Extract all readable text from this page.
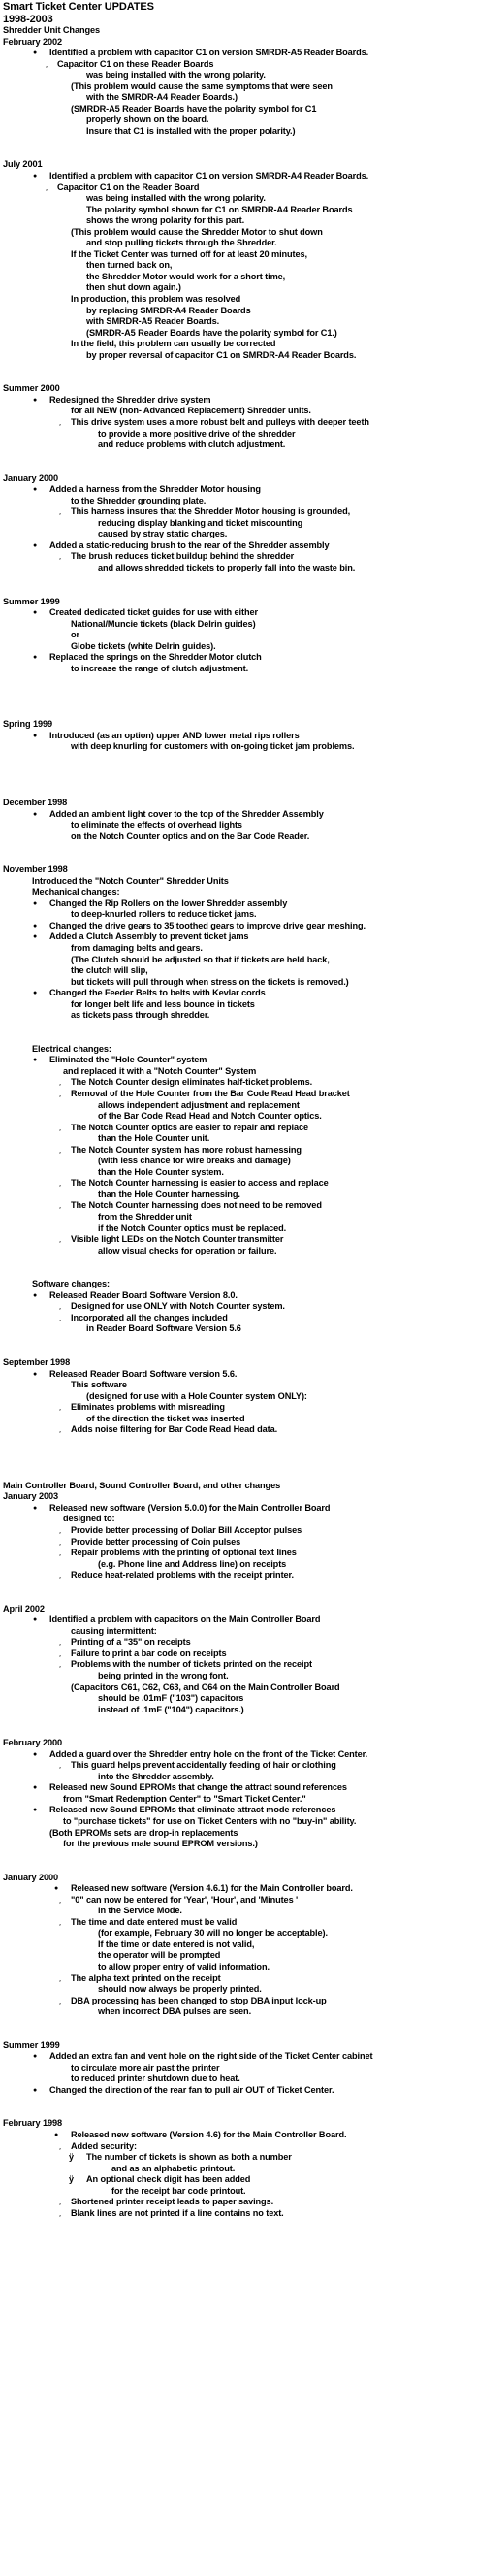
Smart Ticket Center UPDATES
1998-2003
Shredder Unit Changes
February 2002
● Identified a problem with capacitor C1 on version SMRDR-A5 Reader Boards.
¸ Capacitor C1 on these Reader Boards
was being installed with the wrong polarity.
(This problem would cause the same symptoms that were seen
with the SMRDR-A4 Reader Boards.)
(SMRDR-A5 Reader Boards have the polarity symbol for C1
properly shown on the board.
Insure that C1 is installed with the proper polarity.)
July 2001
● Identified a problem with capacitor C1 on version SMRDR-A4 Reader Boards.
¸ Capacitor C1 on the Reader Board
was being installed with the wrong polarity.
The polarity symbol shown for C1 on SMRDR-A4 Reader Boards
shows the wrong polarity for this part.
(This problem would cause the Shredder Motor to shut down
and stop pulling tickets through the Shredder.
If the Ticket Center was turned off for at least 20 minutes,
then turned back on,
the Shredder Motor would work for a short time,
then shut down again.)
In production, this problem was resolved
by replacing SMRDR-A4 Reader Boards
with SMRDR-A5 Reader Boards.
(SMRDR-A5 Reader Boards have the polarity symbol for C1.)
In the field, this problem can usually be corrected
by proper reversal of capacitor C1 on SMRDR-A4 Reader Boards.
Summer 2000
● Redesigned the Shredder drive system
for all NEW (non- Advanced Replacement) Shredder units.
¸ This drive system uses a more robust belt and pulleys with deeper teeth
to provide a more positive drive of the shredder
and reduce problems with clutch adjustment.
January 2000
● Added a harness from the Shredder Motor housing
to the Shredder grounding plate.
¸ This harness insures that the Shredder Motor housing is grounded,
reducing display blanking and ticket miscounting
caused by stray static charges.
● Added a static-reducing brush to the rear of the Shredder assembly
¸ The brush reduces ticket buildup behind the shredder
and allows shredded tickets to properly fall into the waste bin.
Summer 1999
● Created dedicated ticket guides for use with either
National/Muncie tickets (black Delrin guides)
or
Globe tickets (white Delrin guides).
● Replaced the springs on the Shredder Motor clutch
to increase the range of clutch adjustment.
Spring 1999
● Introduced (as an option) upper AND lower metal rips rollers
with deep knurling for customers with on-going ticket jam problems.
December 1998
● Added an ambient light cover to the top of the Shredder Assembly
to eliminate the effects of overhead lights
on the Notch Counter optics and on the Bar Code Reader.
November 1998
Introduced the "Notch Counter" Shredder Units
Mechanical changes:
● Changed the Rip Rollers on the lower Shredder assembly
to deep-knurled rollers to reduce ticket jams.
● Changed the drive gears to 35 toothed gears to improve drive gear meshing.
● Added a Clutch Assembly to prevent ticket jams
from damaging belts and gears.
(The Clutch should be adjusted so that if tickets are held back,
the clutch will slip,
but tickets will pull through when stress on the tickets is removed.)
● Changed the Feeder Belts to belts with Kevlar cords
for longer belt life and less bounce in tickets
as tickets pass through shredder.
Electrical changes:
● Eliminated the "Hole Counter" system
and replaced it with a "Notch Counter" System
¸ The Notch Counter design eliminates half-ticket problems.
¸ Removal of the Hole Counter from the Bar Code Read Head bracket
allows independent adjustment and replacement
of the Bar Code Read Head and Notch Counter optics.
¸ The Notch Counter optics are easier to repair and replace
than the Hole Counter unit.
¸ The Notch Counter system has more robust harnessing
(with less chance for wire breaks and damage)
than the Hole Counter system.
¸ The Notch Counter harnessing is easier to access and replace
than the Hole Counter harnessing.
¸ The Notch Counter harnessing does not need to be removed
from the Shredder unit
if the Notch Counter optics must be replaced.
¸ Visible light LEDs on the Notch Counter transmitter
allow visual checks for operation or failure.
Software changes:
● Released Reader Board Software Version 8.0.
¸ Designed for use ONLY with Notch Counter system.
¸ Incorporated all the changes included
in Reader Board Software Version 5.6
September 1998
● Released Reader Board Software version 5.6.
This software
(designed for use with a Hole Counter system ONLY):
¸ Eliminates problems with misreading
of the direction the ticket was inserted
¸ Adds noise filtering for Bar Code Read Head data.
Main Controller Board, Sound Controller Board, and other changes
January 2003
● Released new software (Version 5.0.0) for the Main Controller Board
designed to:
¸ Provide better processing of Dollar Bill Acceptor pulses
¸ Provide better processing of Coin pulses
¸ Repair problems with the printing of optional text lines
(e.g. Phone line and Address line) on receipts
¸ Reduce heat-related problems with the receipt printer.
April 2002
● Identified a problem with capacitors on the Main Controller Board
causing intermittent:
¸ Printing of a "35" on receipts
¸ Failure to print a bar code on receipts
¸ Problems with the number of tickets printed on the receipt
being printed in the wrong font.
(Capacitors C61, C62, C63, and C64 on the Main Controller Board
should be .01mF ("103") capacitors
instead of .1mF ("104") capacitors.)
February 2000
● Added a guard over the Shredder entry hole on the front of the Ticket Center.
¸ This guard helps prevent accidentally feeding of hair or clothing
into the Shredder assembly.
● Released new Sound EPROMs that change the attract sound references
from "Smart Redemption Center" to "Smart Ticket Center."
● Released new Sound EPROMs that eliminate attract mode references
to "purchase tickets" for use on Ticket Centers with no "buy-in" ability.
(Both EPROMs sets are drop-in replacements
for the previous male sound EPROM versions.)
January 2000
● Released new software (Version 4.6.1) for the Main Controller board.
¸ "0" can now be entered for 'Year', 'Hour', and 'Minutes '
in the Service Mode.
¸ The time and date entered must be valid
(for example, February 30 will no longer be acceptable).
If the time or date entered is not valid,
the operator will be prompted
to allow proper entry of valid information.
¸ The alpha text printed on the receipt
should now always be properly printed.
¸ DBA processing has been changed to stop DBA input lock-up
when incorrect DBA pulses are seen.
Summer 1999
● Added an extra fan and vent hole on the right side of the Ticket Center cabinet
to circulate more air past the printer
to reduced printer shutdown due to heat.
● Changed the direction of the rear fan to pull air OUT of Ticket Center.
February 1998
● Released new software (Version 4.6) for the Main Controller Board.
¸ Added security:
ÿ The number of tickets is shown as both a number
and as an alphabetic printout.
ÿ An optional check digit has been added
for the receipt bar code printout.
¸ Shortened printer receipt leads to paper savings.
¸ Blank lines are not printed if a line contains no text.
